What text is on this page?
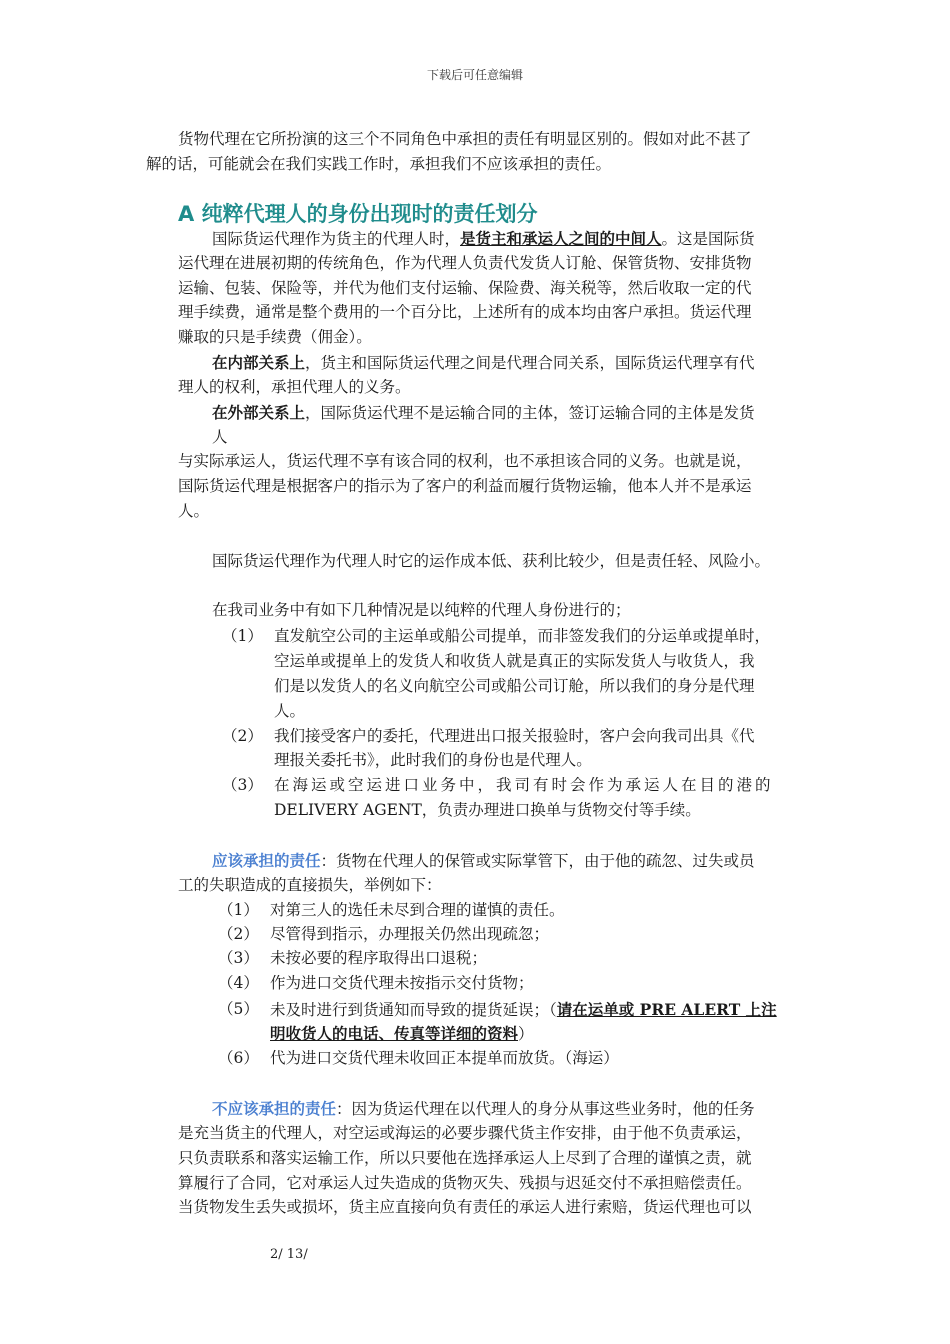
下载后可任意编辑
货物代理在它所扮演的这三个不同角色中承担的责任有明显区别的。假如对此不甚了
解的话，可能就会在我们实践工作时，承担我们不应该承担的责任。
A 纯粹代理人的身份出现时的责任划分
国际货运代理作为货主的代理人时，是货主和承运人之间的中间人。这是国际货
运代理在进展初期的传统角色，作为代理人负责代发货人订舱、保管货物、安排货物
运输、包装、保险等，并代为他们支付运输、保险费、海关税等，然后收取一定的代
理手续费，通常是整个费用的一个百分比，上述所有的成本均由客户承担。货运代理
赚取的只是手续费（佣金）。
在内部关系上，货主和国际货运代理之间是代理合同关系，国际货运代理享有代
理人的权利，承担代理人的义务。
在外部关系上，国际货运代理不是运输合同的主体，签订运输合同的主体是发货
人
与实际承运人，货运代理不享有该合同的权利，也不承担该合同的义务。也就是说，
国际货运代理是根据客户的指示为了客户的利益而履行货物运输，他本人并不是承运
人。
国际货运代理作为代理人时它的运作成本低、获利比较少，但是责任轻、风险小。
在我司业务中有如下几种情况是以纯粹的代理人身份进行的；
（1） 直发航空公司的主运单或船公司提单，而非签发我们的分运单或提单时，
空运单或提单上的发货人和收货人就是真正的实际发货人与收货人，我
们是以发货人的名义向航空公司或船公司订舱，所以我们的身分是代理
人。
（2） 我们接受客户的委托，代理进出口报关报验时，客户会向我司出具《代
理报关委托书》，此时我们的身份也是代理人。
（3） 在海运或空运进口业务中，我司有时会作为承运人在目的港的
DELIVERY AGENT，负责办理进口换单与货物交付等手续。
应该承担的责任：货物在代理人的保管或实际掌管下，由于他的疏忽、过失或员
工的失职造成的直接损失，举例如下：
（1） 对第三人的选任未尽到合理的谨慎的责任。
（2） 尽管得到指示，办理报关仍然出现疏忽；
（3） 未按必要的程序取得出口退税；
（4） 作为进口交货代理未按指示交付货物；
（5） 未及时进行到货通知而导致的提货延误；（请在运单或 PRE ALERT 上注
明收货人的电话、传真等详细的资料）
（6） 代为进口交货代理未收回正本提单而放货。（海运）
不应该承担的责任：因为货运代理在以代理人的身分从事这些业务时，他的任务
是充当货主的代理人，对空运或海运的必要步骤代货主作安排，由于他不负责承运，
只负责联系和落实运输工作，所以只要他在选择承运人上尽到了合理的谨慎之责，就
算履行了合同，它对承运人过失造成的货物灭失、残损与迟延交付不承担赔偿责任。
当货物发生丢失或损坏，货主应直接向负有责任的承运人进行索赔，货运代理也可以
2/ 13/
